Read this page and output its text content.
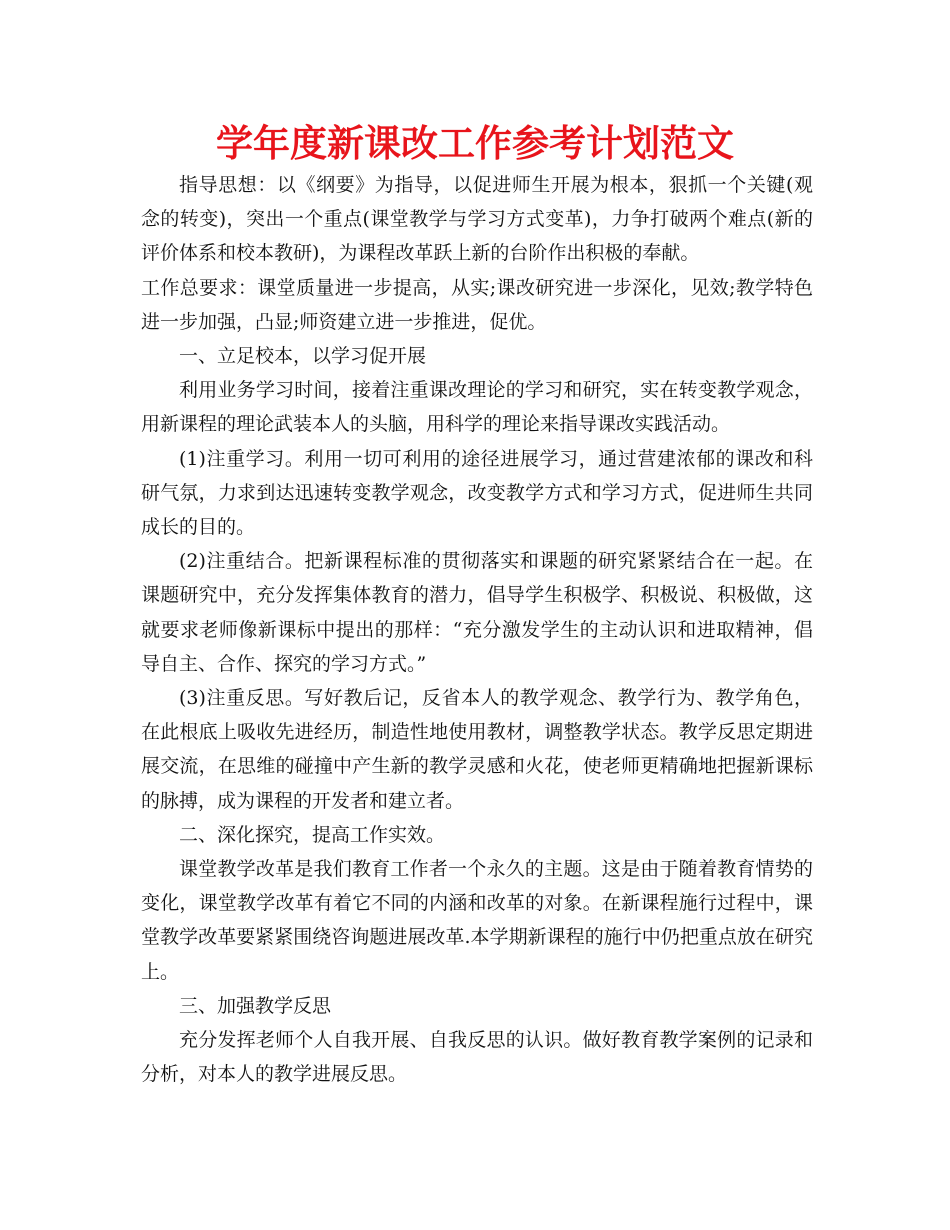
学年度新课改工作参考计划范文

指导思想：以《纲要》为指导，以促进师生开展为根本，狠抓一个关键(观念的转变)，突出一个重点(课堂教学与学习方式变革)，力争打破两个难点(新的评价体系和校本教研)，为课程改革跃上新的台阶作出积极的奉献。

工作总要求：课堂质量进一步提高，从实;课改研究进一步深化，见效;教学特色进一步加强，凸显;师资建立进一步推进，促优。

一、立足校本，以学习促开展

利用业务学习时间，接着注重课改理论的学习和研究，实在转变教学观念，用新课程的理论武装本人的头脑，用科学的理论来指导课改实践活动。

(1)注重学习。利用一切可利用的途径进展学习，通过营建浓郁的课改和科研气氛，力求到达迅速转变教学观念，改变教学方式和学习方式，促进师生共同成长的目的。

(2)注重结合。把新课程标准的贯彻落实和课题的研究紧紧结合在一起。在课题研究中，充分发挥集体教育的潜力，倡导学生积极学、积极说、积极做，这就要求老师像新课标中提出的那样：“充分激发学生的主动认识和进取精神，倡导自主、合作、探究的学习方式。”

(3)注重反思。写好教后记，反省本人的教学观念、教学行为、教学角色，在此根底上吸收先进经历，制造性地使用教材，调整教学状态。教学反思定期进展交流，在思维的碰撞中产生新的教学灵感和火花，使老师更精确地把握新课标的脉搏，成为课程的开发者和建立者。

二、深化探究，提高工作实效。

课堂教学改革是我们教育工作者一个永久的主题。这是由于随着教育情势的变化，课堂教学改革有着它不同的内涵和改革的对象。在新课程施行过程中，课堂教学改革要紧紧围绕咨询题进展改革.本学期新课程的施行中仍把重点放在研究上。

三、加强教学反思

充分发挥老师个人自我开展、自我反思的认识。做好教育教学案例的记录和分析，对本人的教学进展反思。
